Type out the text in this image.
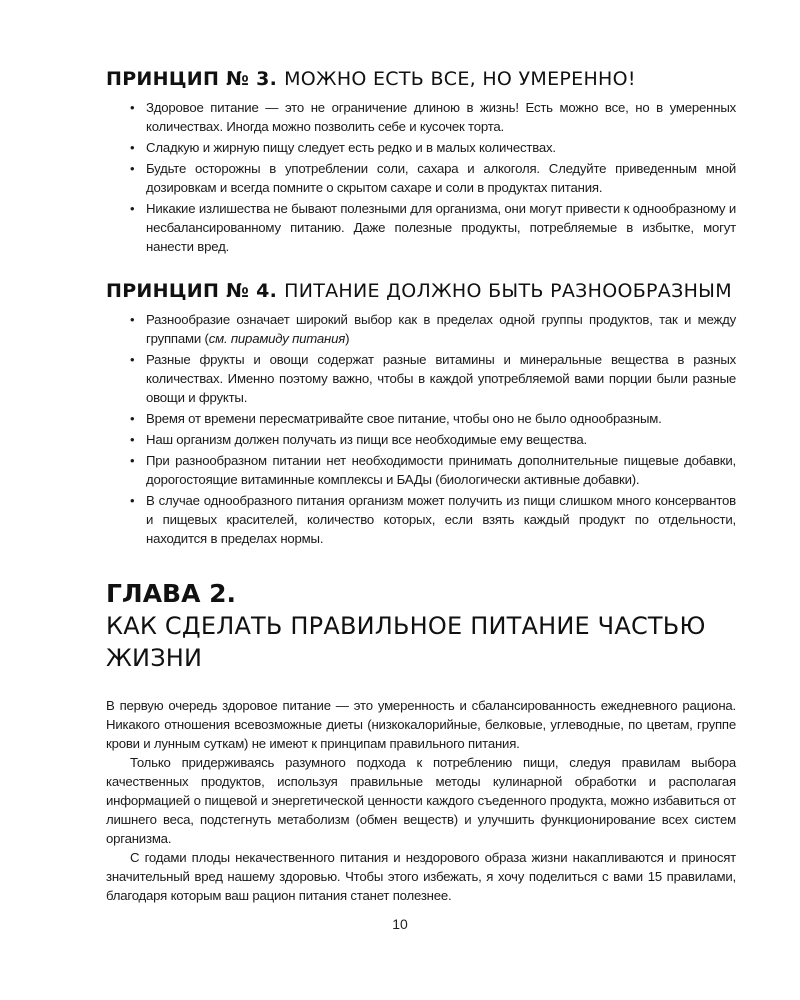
ПРИНЦИП № 3. МОЖНО ЕСТЬ ВСЕ, НО УМЕРЕННО!
• Здоровое питание — это не ограничение длиною в жизнь! Есть можно все, но в умеренных количествах. Иногда можно позволить себе и кусочек торта.
• Сладкую и жирную пищу следует есть редко и в малых количествах.
• Будьте осторожны в употреблении соли, сахара и алкоголя. Следуйте приведенным мной дозировкам и всегда помните о скрытом сахаре и соли в продуктах питания.
• Никакие излишества не бывают полезными для организма, они могут привести к однообразному и несбалансированному питанию. Даже полезные продукты, потребляемые в избытке, могут нанести вред.
ПРИНЦИП № 4. ПИТАНИЕ ДОЛЖНО БЫТЬ РАЗНООБРАЗНЫМ
• Разнообразие означает широкий выбор как в пределах одной группы продуктов, так и между группами (см. пирамиду питания)
• Разные фрукты и овощи содержат разные витамины и минеральные вещества в разных количествах. Именно поэтому важно, чтобы в каждой употребляемой вами порции были разные овощи и фрукты.
• Время от времени пересматривайте свое питание, чтобы оно не было однообразным.
• Наш организм должен получать из пищи все необходимые ему вещества.
• При разнообразном питании нет необходимости принимать дополнительные пищевые добавки, дорогостоящие витаминные комплексы и БАДы (биологически активные добавки).
• В случае однообразного питания организм может получить из пищи слишком много консервантов и пищевых красителей, количество которых, если взять каждый продукт по отдельности, находится в пределах нормы.
ГЛАВА 2.
КАК СДЕЛАТЬ ПРАВИЛЬНОЕ ПИТАНИЕ ЧАСТЬЮ ЖИЗНИ

В первую очередь здоровое питание — это умеренность и сбалансированность ежедневного рациона. Никакого отношения всевозможные диеты (низкокалорийные, белковые, углеводные, по цветам, группе крови и лунным суткам) не имеют к принципам правильного питания.

Только придерживаясь разумного подхода к потреблению пищи, следуя правилам выбора качественных продуктов, используя правильные методы кулинарной обработки и располагая информацией о пищевой и энергетической ценности каждого съеденного продукта, можно избавиться от лишнего веса, подстегнуть метаболизм (обмен веществ) и улучшить функционирование всех систем организма.

С годами плоды некачественного питания и нездорового образа жизни накапливаются и приносят значительный вред нашему здоровью. Чтобы этого избежать, я хочу поделиться с вами 15 правилами, благодаря которым ваш рацион питания станет полезнее.

10
